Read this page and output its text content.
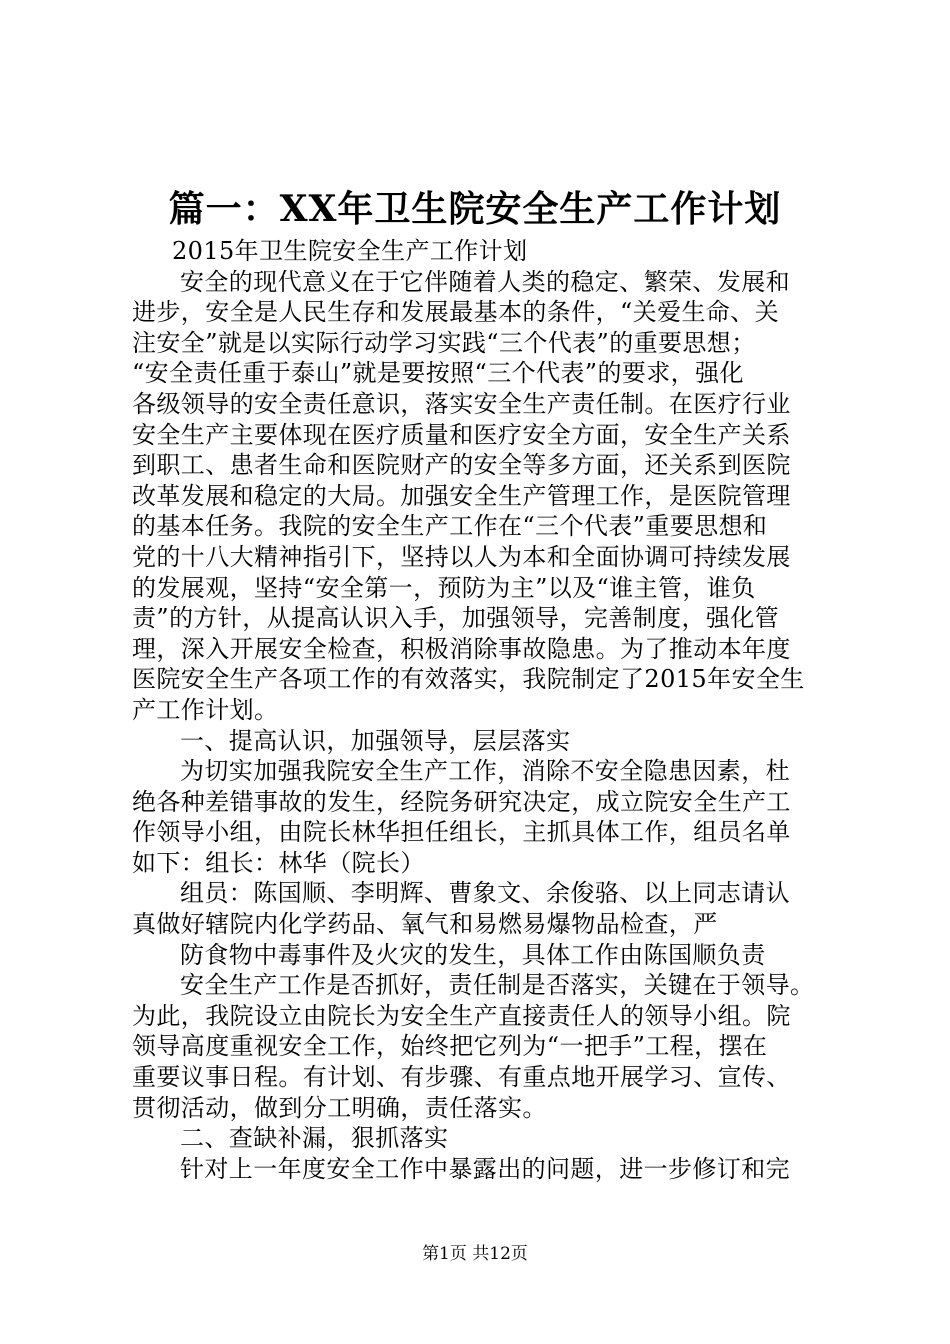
篇一：XX年卫生院安全生产工作计划
2015年卫生院安全生产工作计划
安全的现代意义在于它伴随着人类的稳定、繁荣、发展和
进步，安全是人民生存和发展最基本的条件，“关爱生命、关
注安全”就是以实际行动学习实践“三个代表”的重要思想；
“安全责任重于泰山”就是要按照“三个代表”的要求，强化
各级领导的安全责任意识，落实安全生产责任制。在医疗行业
安全生产主要体现在医疗质量和医疗安全方面，安全生产关系
到职工、患者生命和医院财产的安全等多方面，还关系到医院
改革发展和稳定的大局。加强安全生产管理工作，是医院管理
的基本任务。我院的安全生产工作在“三个代表”重要思想和
党的十八大精神指引下，坚持以人为本和全面协调可持续发展
的发展观，坚持“安全第一，预防为主”以及“谁主管，谁负
责”的方针，从提高认识入手，加强领导，完善制度，强化管
理，深入开展安全检查，积极消除事故隐患。为了推动本年度
医院安全生产各项工作的有效落实，我院制定了2015年安全生
产工作计划。
一、提高认识，加强领导，层层落实
为切实加强我院安全生产工作，消除不安全隐患因素，杜
绝各种差错事故的发生，经院务研究决定，成立院安全生产工
作领导小组，由院长林华担任组长，主抓具体工作，组员名单
如下：组长：林华（院长）
组员：陈国顺、李明辉、曹象文、余俊骆、以上同志请认
真做好辖院内化学药品、氧气和易燃易爆物品检查，严
防食物中毒事件及火灾的发生，具体工作由陈国顺负责
安全生产工作是否抓好，责任制是否落实，关键在于领导。
为此，我院设立由院长为安全生产直接责任人的领导小组。院
领导高度重视安全工作，始终把它列为“一把手”工程，摆在
重要议事日程。有计划、有步骤、有重点地开展学习、宣传、
贯彻活动，做到分工明确，责任落实。
二、查缺补漏，狠抓落实
针对上一年度安全工作中暴露出的问题，进一步修订和完
第1页 共12页
